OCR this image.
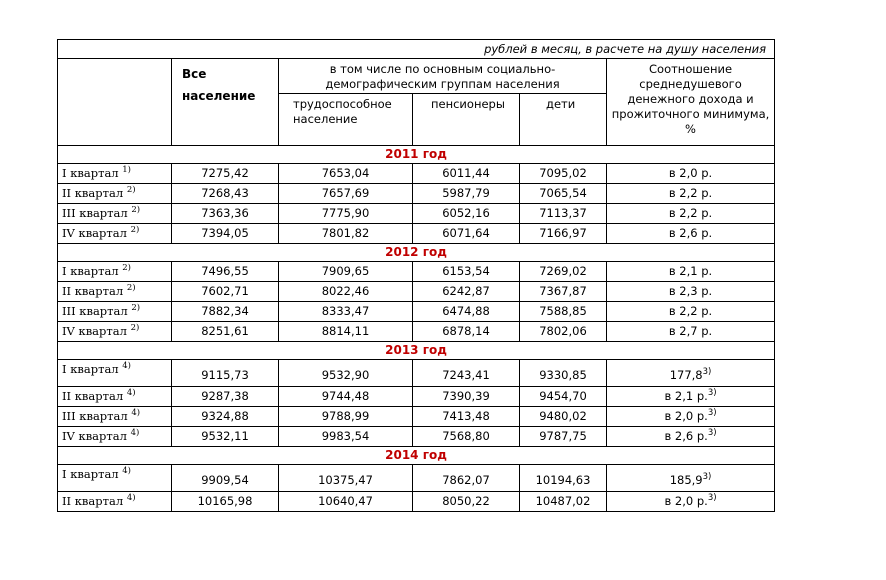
рублей в месяц, в расчете на душу населения					
	Все население	в том числе по основным социально-демографическим группам населения			Соотношение среднедушевого денежного дохода и прожиточного минимума, %
		трудоспособное население	пенсионеры	дети	
2011 год					
I квартал $^{1)}$	7275,42	7653,04	6011,44	7095,02	в 2,0 р.
II квартал $^{2)}$	7268,43	7657,69	5987,79	7065,54	в 2,2 р.
III квартал $^{2)}$	7363,36	7775,90	6052,16	7113,37	в 2,2 р.
IV квартал $^{2)}$	7394,05	7801,82	6071,64	7166,97	в 2,6 р.
2012 год					
I квартал $^{2)}$	7496,55	7909,65	6153,54	7269,02	в 2,1 р.
II квартал $^{2)}$	7602,71	8022,46	6242,87	7367,87	в 2,3 р.
III квартал $^{2)}$	7882,34	8333,47	6474,88	7588,85	в 2,2 р.
IV квартал $^{2)}$	8251,61	8814,11	6878,14	7802,06	в 2,7 р.
2013 год					
I квартал $^{4)}$	9115,73	9532,90	7243,41	9330,85	177,8$^{3)}$
II квартал $^{4)}$	9287,38	9744,48	7390,39	9454,70	в 2,1 р.$^{3)}$
III квартал $^{4)}$	9324,88	9788,99	7413,48	9480,02	в 2,0 р.$^{3)}$
IV квартал $^{4)}$	9532,11	9983,54	7568,80	9787,75	в 2,6 р.$^{3)}$
2014 год					
I квартал $^{4)}$	9909,54	10375,47	7862,07	10194,63	185,9$^{3)}$
II квартал $^{4)}$	10165,98	10640,47	8050,22	10487,02	в 2,0 р.$^{3)}$
